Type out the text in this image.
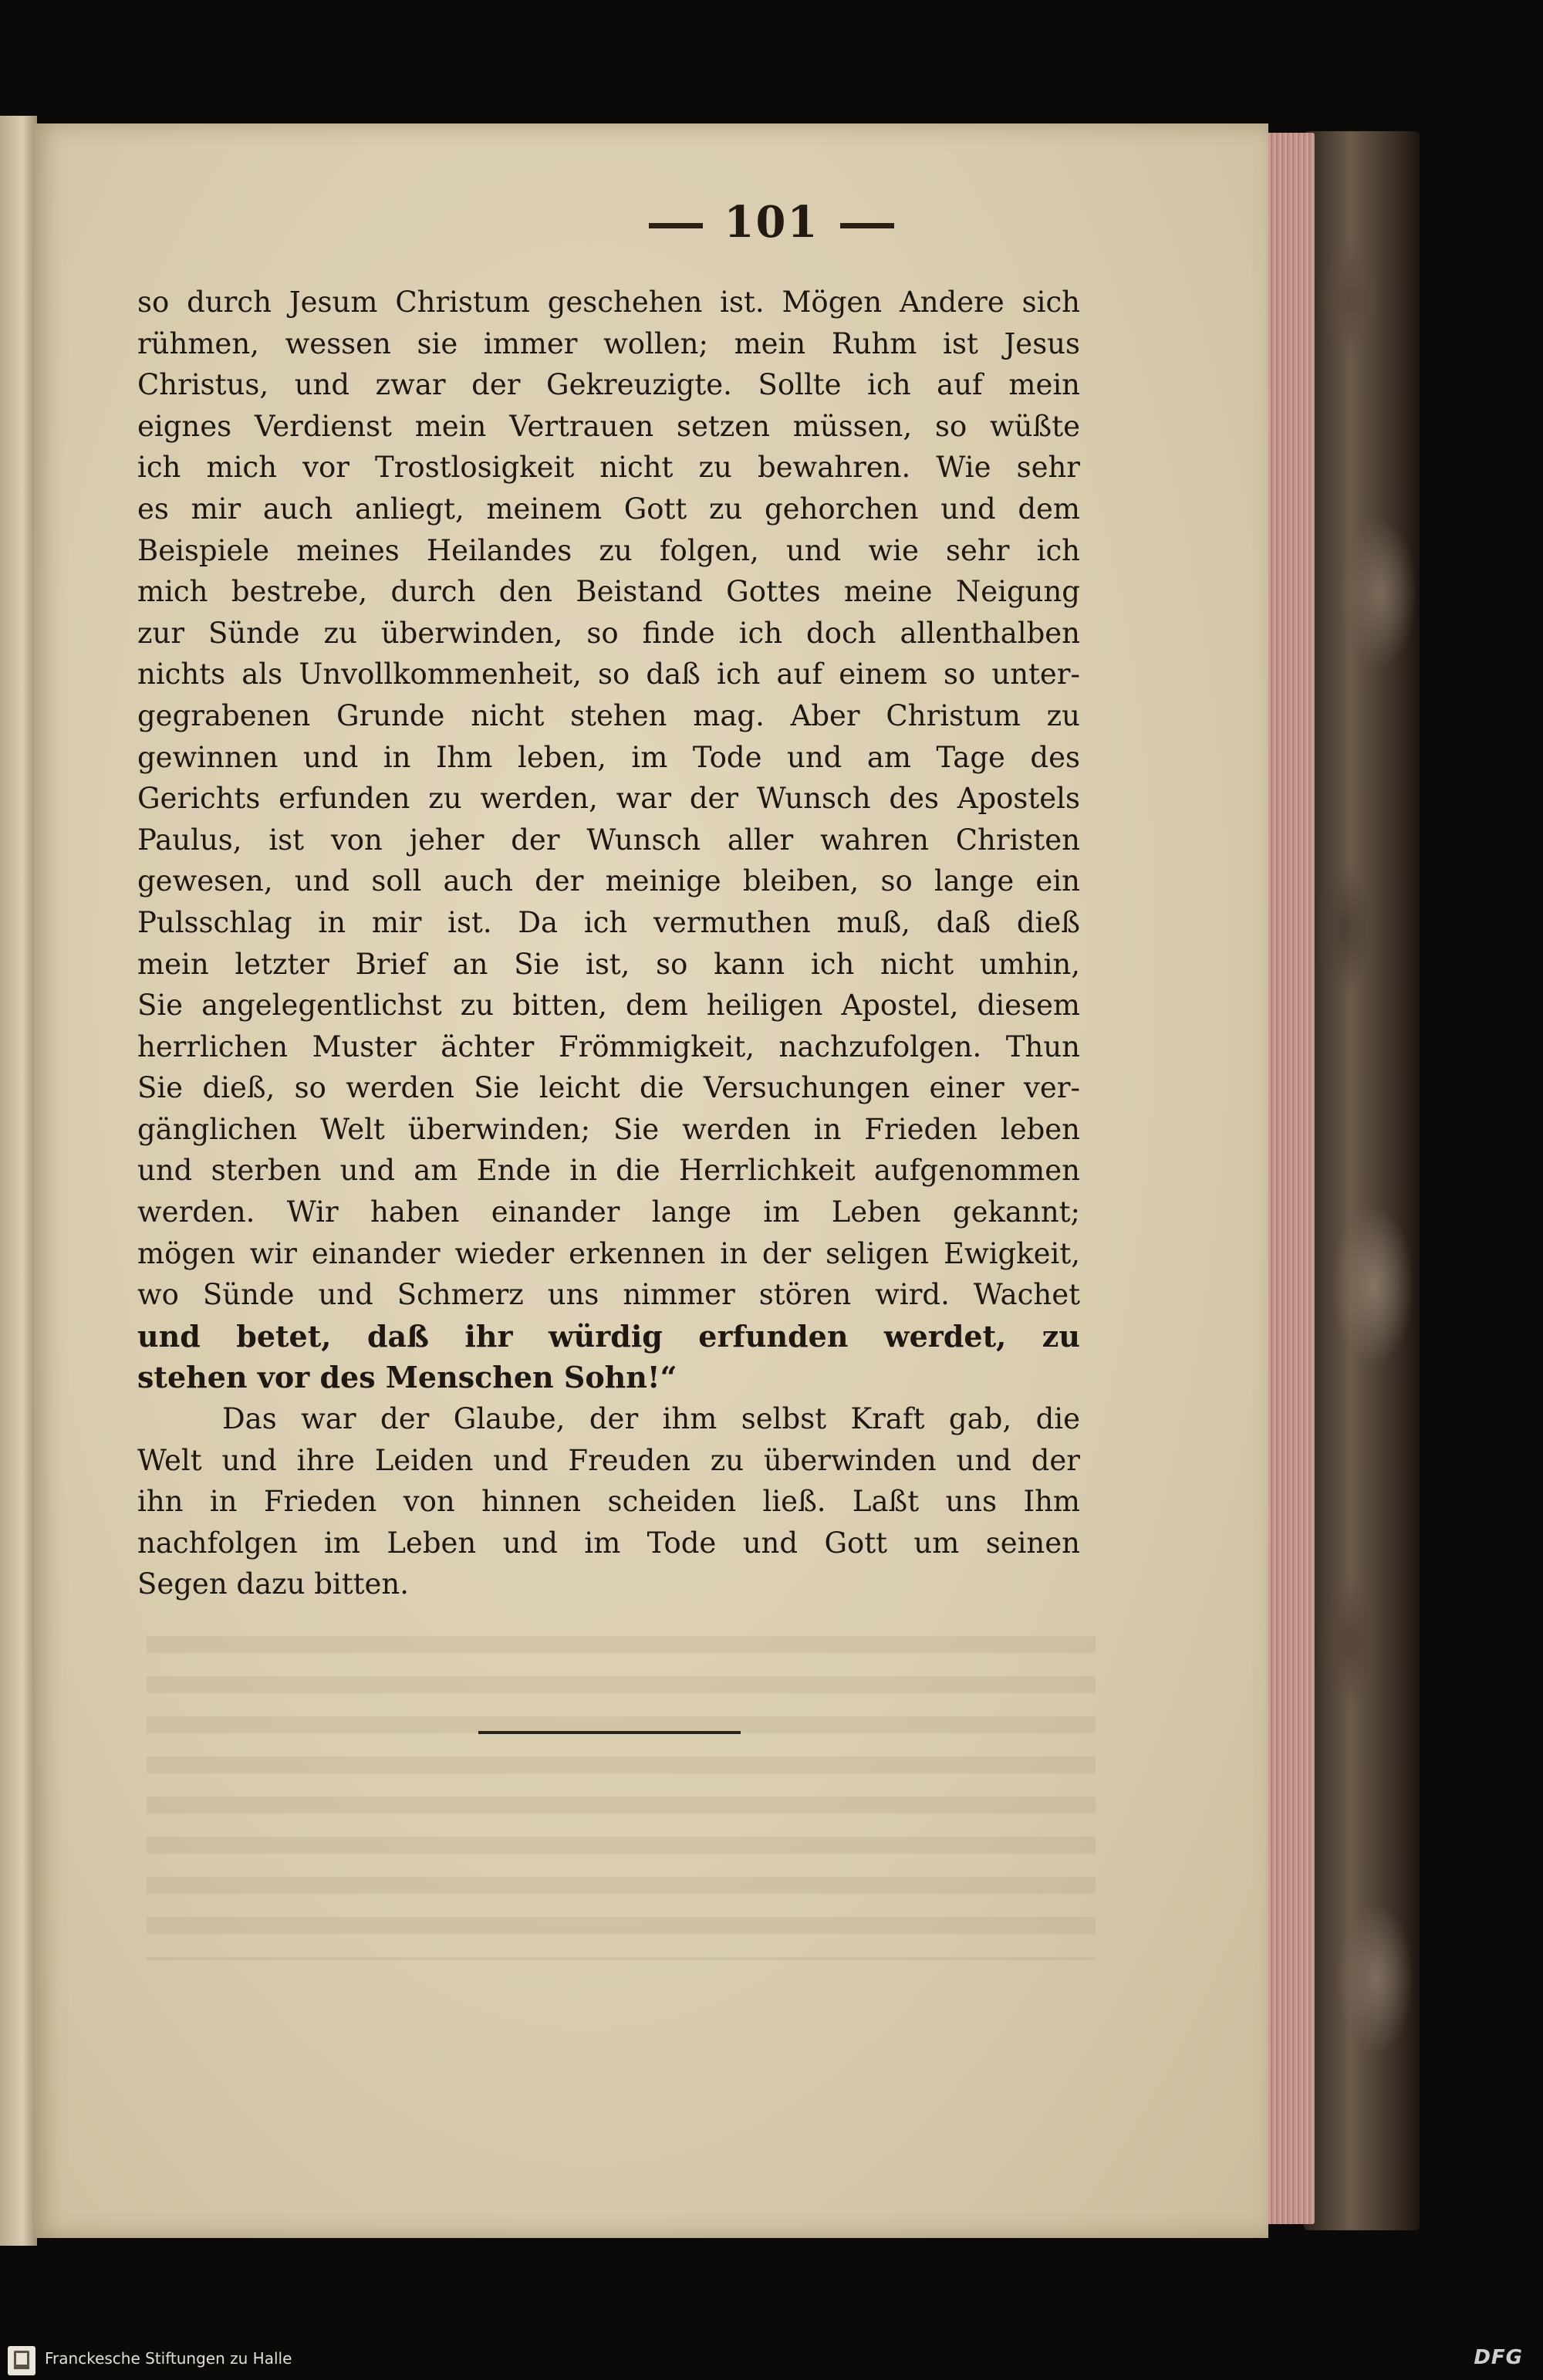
101
so durch Jesum Christum geschehen ist. Mögen Andere sich
rühmen, wessen sie immer wollen; mein Ruhm ist Jesus
Christus, und zwar der Gekreuzigte. Sollte ich auf mein
eignes Verdienst mein Vertrauen setzen müssen, so wüßte
ich mich vor Trostlosigkeit nicht zu bewahren. Wie sehr
es mir auch anliegt, meinem Gott zu gehorchen und dem
Beispiele meines Heilandes zu folgen, und wie sehr ich
mich bestrebe, durch den Beistand Gottes meine Neigung
zur Sünde zu überwinden, so finde ich doch allenthalben
nichts als Unvollkommenheit, so daß ich auf einem so unter-
gegrabenen Grunde nicht stehen mag. Aber Christum zu
gewinnen und in Ihm leben, im Tode und am Tage des
Gerichts erfunden zu werden, war der Wunsch des Apostels
Paulus, ist von jeher der Wunsch aller wahren Christen
gewesen, und soll auch der meinige bleiben, so lange ein
Pulsschlag in mir ist. Da ich vermuthen muß, daß dieß
mein letzter Brief an Sie ist, so kann ich nicht umhin,
Sie angelegentlichst zu bitten, dem heiligen Apostel, diesem
herrlichen Muster ächter Frömmigkeit, nachzufolgen. Thun
Sie dieß, so werden Sie leicht die Versuchungen einer ver-
gänglichen Welt überwinden; Sie werden in Frieden leben
und sterben und am Ende in die Herrlichkeit aufgenommen
werden. Wir haben einander lange im Leben gekannt;
mögen wir einander wieder erkennen in der seligen Ewigkeit,
wo Sünde und Schmerz uns nimmer stören wird. Wachet
und betet, daß ihr würdig erfunden werdet, zu
stehen vor des Menschen Sohn!“
Das war der Glaube, der ihm selbst Kraft gab, die
Welt und ihre Leiden und Freuden zu überwinden und der
ihn in Frieden von hinnen scheiden ließ. Laßt uns Ihm
nachfolgen im Leben und im Tode und Gott um seinen
Segen dazu bitten.
Franckesche Stiftungen zu Halle	DFG
